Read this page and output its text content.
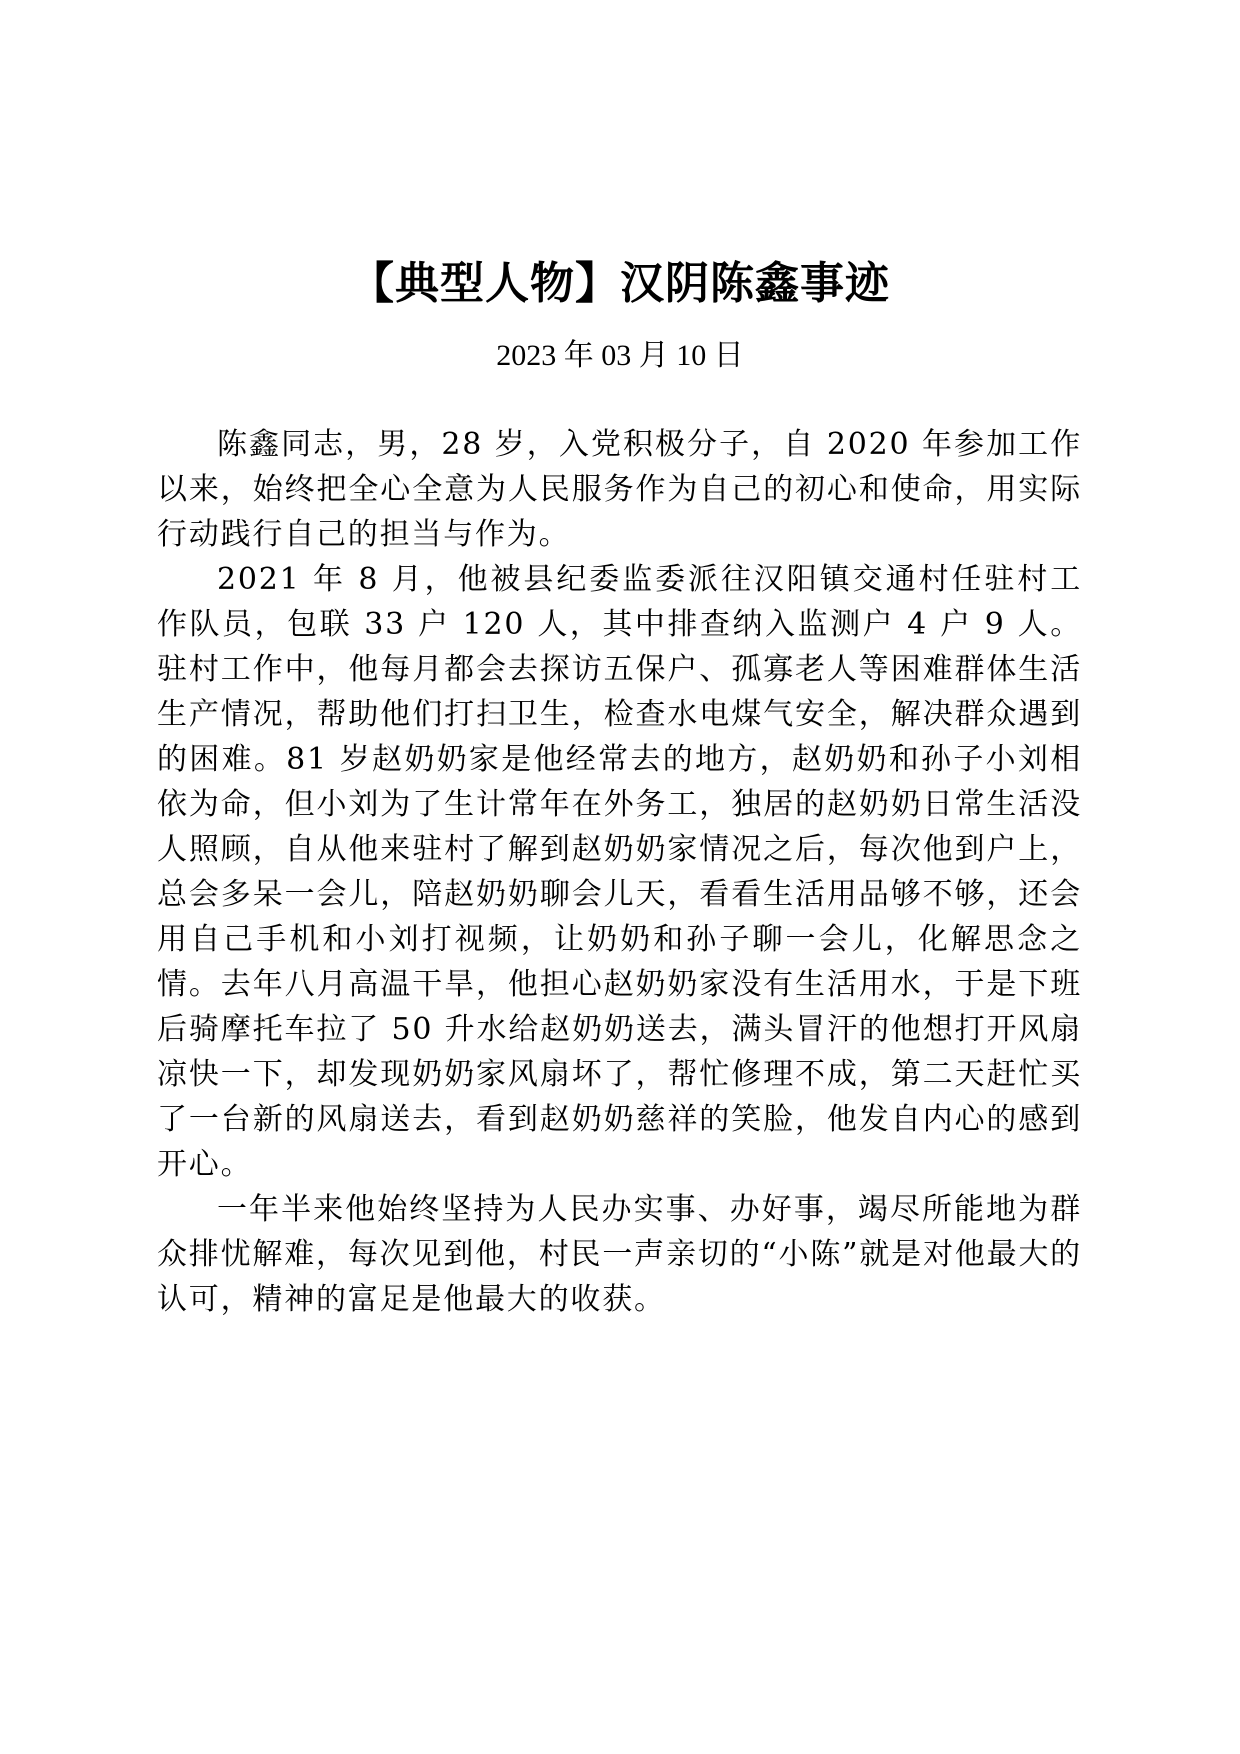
【典型人物】汉阴陈鑫事迹
2023 年 03 月 10 日

陈鑫同志，男，28 岁，入党积极分子，自 2020 年参加工作以来，始终把全心全意为人民服务作为自己的初心和使命，用实际行动践行自己的担当与作为。

2021 年 8 月，他被县纪委监委派往汉阳镇交通村任驻村工作队员，包联 33 户 120 人，其中排查纳入监测户 4 户 9 人。驻村工作中，他每月都会去探访五保户、孤寡老人等困难群体生活生产情况，帮助他们打扫卫生，检查水电煤气安全，解决群众遇到的困难。81 岁赵奶奶家是他经常去的地方，赵奶奶和孙子小刘相依为命，但小刘为了生计常年在外务工，独居的赵奶奶日常生活没人照顾，自从他来驻村了解到赵奶奶家情况之后，每次他到户上，总会多呆一会儿，陪赵奶奶聊会儿天，看看生活用品够不够，还会用自己手机和小刘打视频，让奶奶和孙子聊一会儿，化解思念之情。去年八月高温干旱，他担心赵奶奶家没有生活用水，于是下班后骑摩托车拉了 50 升水给赵奶奶送去，满头冒汗的他想打开风扇凉快一下，却发现奶奶家风扇坏了，帮忙修理不成，第二天赶忙买了一台新的风扇送去，看到赵奶奶慈祥的笑脸，他发自内心的感到开心。

一年半来他始终坚持为人民办实事、办好事，竭尽所能地为群众排忧解难，每次见到他，村民一声亲切的“小陈”就是对他最大的认可，精神的富足是他最大的收获。
